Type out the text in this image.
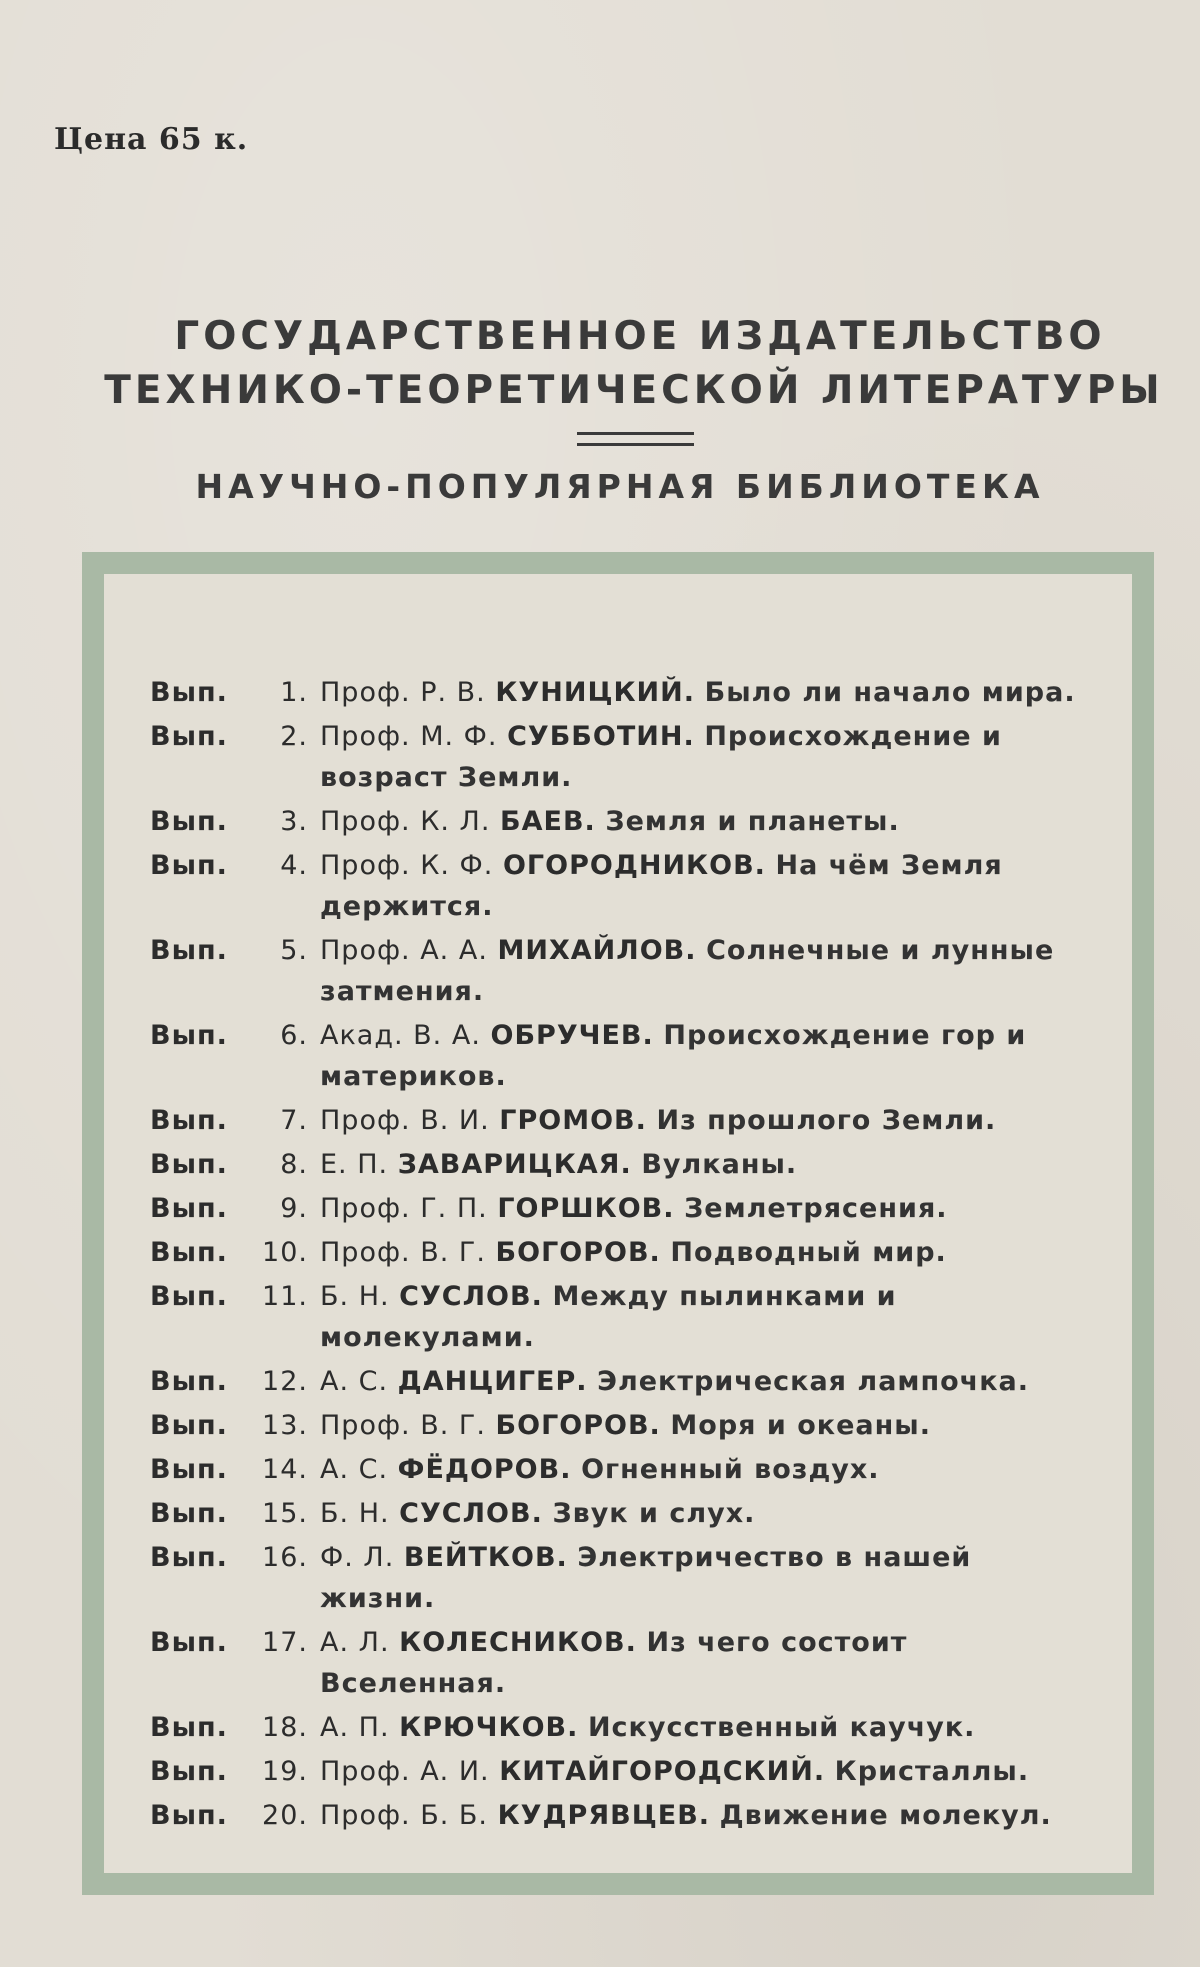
Цена 65 к.
ГОСУДАРСТВЕННОЕ ИЗДАТЕЛЬСТВО
ТЕХНИКО-ТЕОРЕТИЧЕСКОЙ ЛИТЕРАТУРЫ
НАУЧНО-ПОПУЛЯРНАЯ БИБЛИОТЕКА
Вып.	1. Проф. Р. В. КУНИЦКИЙ. Было ли начало мира.
Вып.	2. Проф. М. Ф. СУББОТИН. Происхождение и возраст Земли.
Вып.	3. Проф. К. Л. БАЕВ. Земля и планеты.
Вып.	4. Проф. К. Ф. ОГОРОДНИКОВ. На чём Земля держится.
Вып.	5. Проф. А. А. МИХАЙЛОВ. Солнечные и лунные затмения.
Вып.	6. Акад. В. А. ОБРУЧЕВ. Происхождение гор и материков.
Вып.	7. Проф. В. И. ГРОМОВ. Из прошлого Земли.
Вып.	8. Е. П. ЗАВАРИЦКАЯ. Вулканы.
Вып.	9. Проф. Г. П. ГОРШКОВ. Землетрясения.
Вып.	10. Проф. В. Г. БОГОРОВ. Подводный мир.
Вып.	11. Б. Н. СУСЛОВ. Между пылинками и молекулами.
Вып.	12. А. С. ДАНЦИГЕР. Электрическая лампочка.
Вып.	13. Проф. В. Г. БОГОРОВ. Моря и океаны.
Вып.	14. А. С. ФЁДОРОВ. Огненный воздух.
Вып.	15. Б. Н. СУСЛОВ. Звук и слух.
Вып.	16. Ф. Л. ВЕЙТКОВ. Электричество в нашей жизни.
Вып.	17. А. Л. КОЛЕСНИКОВ. Из чего состоит Вселенная.
Вып.	18. А. П. КРЮЧКОВ. Искусственный каучук.
Вып.	19. Проф. А. И. КИТАЙГОРОДСКИЙ. Кристаллы.
Вып.	20. Проф. Б. Б. КУДРЯВЦЕВ. Движение молекул.
